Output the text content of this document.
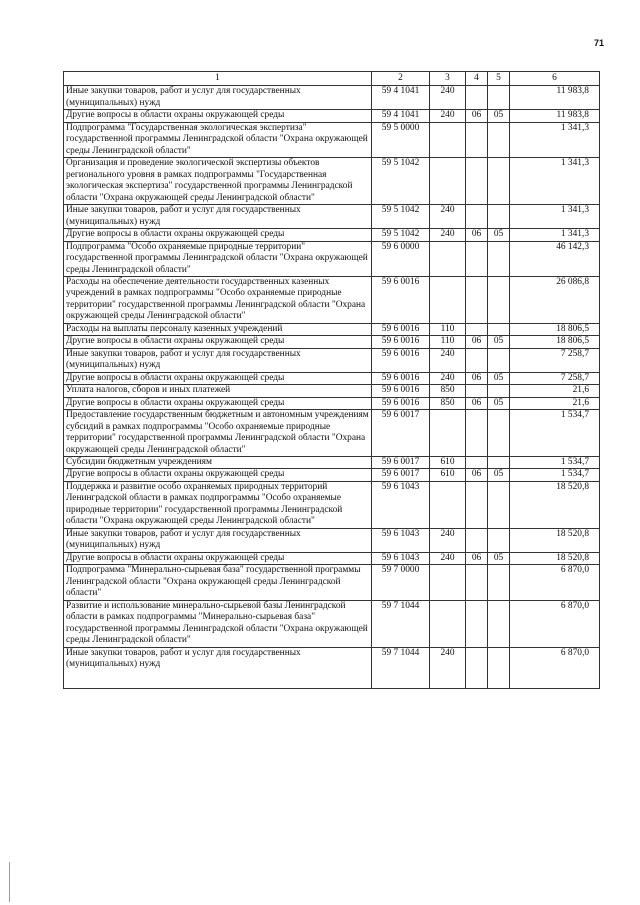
71
1	2	3	4	5	6
Иные закупки товаров, работ и услуг для государственных (муниципальных) нужд	59 4 1041	240			11 983,8
Другие вопросы в области охраны окружающей среды	59 4 1041	240	06	05	11 983,8
Подпрограмма "Государственная экологическая экспертиза" государственной программы Ленинградской области "Охрана окружающей среды Ленинградской области"	59 5 0000				1 341,3
Организация и проведение экологической экспертизы объектов регионального уровня в рамках подпрограммы "Государственная экологическая экспертиза" государственной программы Ленинградской области "Охрана окружающей среды Ленинградской области"	59 5 1042				1 341,3
Иные закупки товаров, работ и услуг для государственных (муниципальных) нужд	59 5 1042	240			1 341,3
Другие вопросы в области охраны окружающей среды	59 5 1042	240	06	05	1 341,3
Подпрограмма "Особо охраняемые природные территории" государственной программы Ленинградской области "Охрана окружающей среды Ленинградской области"	59 6 0000				46 142,3
Расходы на обеспечение деятельности государственных казенных учреждений в рамках подпрограммы "Особо охраняемые природные территории" государственной программы Ленинградской области "Охрана окружающей среды Ленинградской области"	59 6 0016				26 086,8
Расходы на выплаты персоналу казенных учреждений	59 6 0016	110			18 806,5
Другие вопросы в области охраны окружающей среды	59 6 0016	110	06	05	18 806,5
Иные закупки товаров, работ и услуг для государственных (муниципальных) нужд	59 6 0016	240			7 258,7
Другие вопросы в области охраны окружающей среды	59 6 0016	240	06	05	7 258,7
Уплата налогов, сборов и иных платежей	59 6 0016	850			21,6
Другие вопросы в области охраны окружающей среды	59 6 0016	850	06	05	21,6
Предоставление государственным бюджетным и автономным учреждениям субсидий в рамках подпрограммы "Особо охраняемые природные территории" государственной программы Ленинградской области "Охрана окружающей среды Ленинградской области"	59 6 0017				1 534,7
Субсидии бюджетным учреждениям	59 6 0017	610			1 534,7
Другие вопросы в области охраны окружающей среды	59 6 0017	610	06	05	1 534,7
Поддержка и развитие особо охраняемых природных территорий Ленинградской области в рамках подпрограммы "Особо охраняемые природные территории" государственной программы Ленинградской области "Охрана окружающей среды Ленинградской области"	59 6 1043				18 520,8
Иные закупки товаров, работ и услуг для государственных (муниципальных) нужд	59 6 1043	240			18 520,8
Другие вопросы в области охраны окружающей среды	59 6 1043	240	06	05	18 520,8
Подпрограмма "Минерально-сырьевая база" государственной программы Ленинградской области "Охрана окружающей среды Ленинградской области"	59 7 0000				6 870,0
Развитие и использование минерально-сырьевой базы Ленинградской области в рамках подпрограммы "Минерально-сырьевая база" государственной программы Ленинградской области "Охрана окружающей среды Ленинградской области"	59 7 1044				6 870,0
Иные закупки товаров, работ и услуг для государственных (муниципальных) нужд	59 7 1044	240			6 870,0
